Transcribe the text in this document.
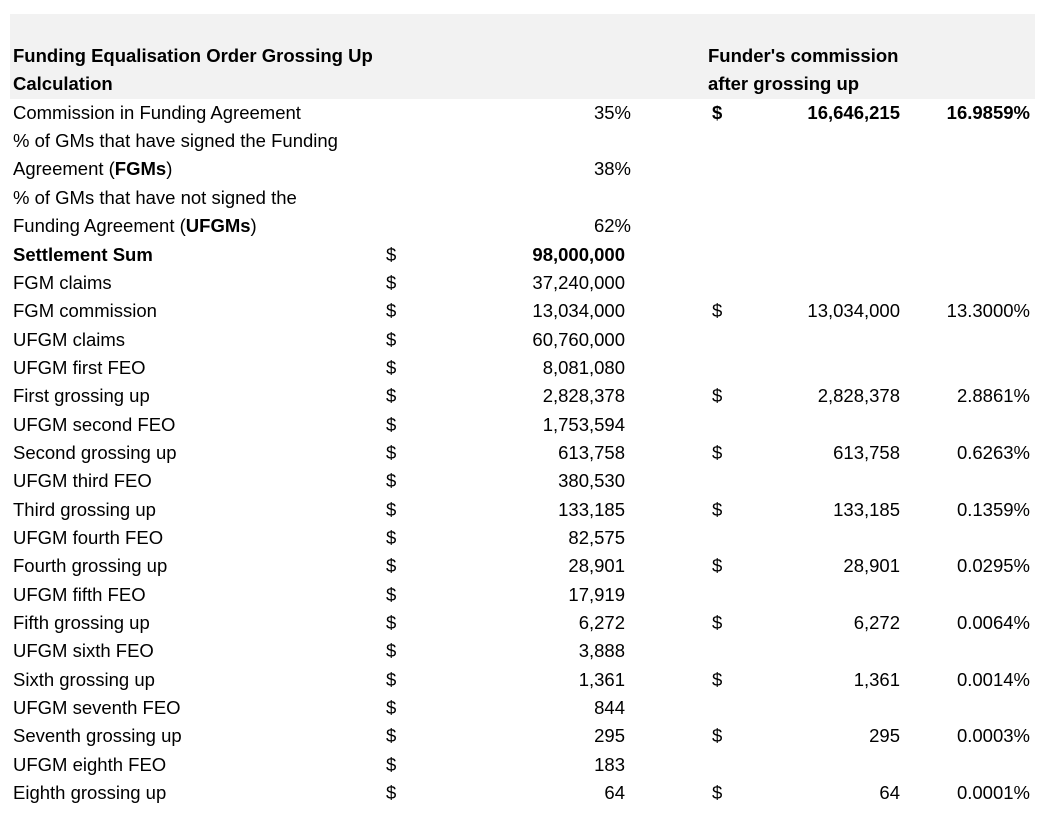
Funding Equalisation Order Grossing Up
Calculation
Funder's commission
after grossing up
Commission in Funding Agreement	35%	$	16,646,215	16.9859%
% of GMs that have signed the Funding
Agreement (FGMs)	38%
% of GMs that have not signed the
Funding Agreement (UFGMs)	62%
Settlement Sum	$	98,000,000
FGM claims	$	37,240,000
FGM commission	$	13,034,000	$	13,034,000	13.3000%
UFGM claims	$	60,760,000
UFGM first FEO	$	8,081,080
First grossing up	$	2,828,378	$	2,828,378	2.8861%
UFGM second FEO	$	1,753,594
Second grossing up	$	613,758	$	613,758	0.6263%
UFGM third FEO	$	380,530
Third grossing up	$	133,185	$	133,185	0.1359%
UFGM fourth FEO	$	82,575
Fourth grossing up	$	28,901	$	28,901	0.0295%
UFGM fifth FEO	$	17,919
Fifth grossing up	$	6,272	$	6,272	0.0064%
UFGM sixth FEO	$	3,888
Sixth grossing up	$	1,361	$	1,361	0.0014%
UFGM seventh FEO	$	844
Seventh grossing up	$	295	$	295	0.0003%
UFGM eighth FEO	$	183
Eighth grossing up	$	64	$	64	0.0001%
